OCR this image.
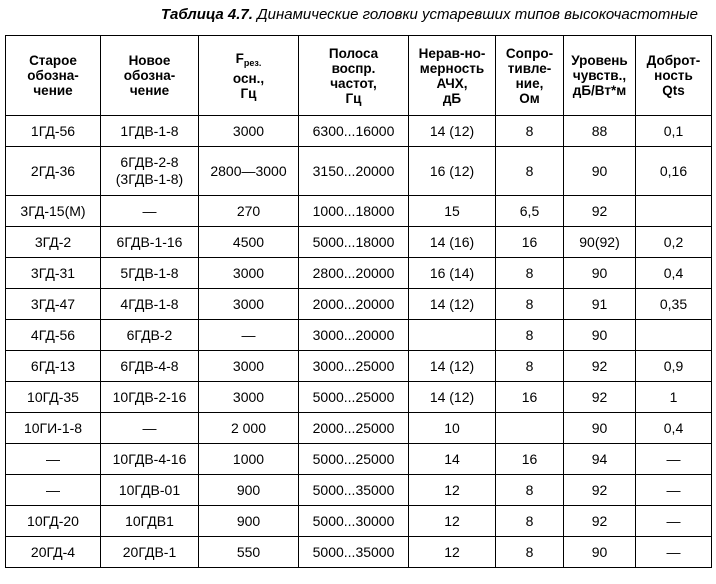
Таблица 4.7. Динамические головки устаревших типов высокочастотные
Старое
обозна-
чение	Новое
обозна-
чение	$F_{рез.}$
осн.,
Гц	Полоса
воспр.
частот,
Гц	Нерав-но-
мерность
АЧХ,
дБ	Сопро-
тивле-
ние,
Ом	Уровень
чувств.,
дБ/Вт*м	Доброт-
ность
Qts
1ГД-56	1ГДВ-1-8	3000	6300...16000	14 (12)	8	88	0,1
2ГД-36	6ГДВ-2-8
(3ГДВ-1-8)	2800—3000	3150...20000	16 (12)	8	90	0,16
3ГД-15(М)	—	270	1000...18000	15	6,5	92	
3ГД-2	6ГДВ-1-16	4500	5000...18000	14 (16)	16	90(92)	0,2
3ГД-31	5ГДВ-1-8	3000	2800...20000	16 (14)	8	90	0,4
3ГД-47	4ГДВ-1-8	3000	2000...20000	14 (12)	8	91	0,35
4ГД-56	6ГДВ-2	—	3000...20000		8	90	
6ГД-13	6ГДВ-4-8	3000	3000...25000	14 (12)	8	92	0,9
10ГД-35	10ГДВ-2-16	3000	5000...25000	14 (12)	16	92	1
10ГИ-1-8	—	2 000	2000...25000	10		90	0,4
—	10ГДВ-4-16	1000	5000...25000	14	16	94	—
—	10ГДВ-01	900	5000...35000	12	8	92	—
10ГД-20	10ГДВ1	900	5000...30000	12	8	92	—
20ГД-4	20ГДВ-1	550	5000...35000	12	8	90	—
